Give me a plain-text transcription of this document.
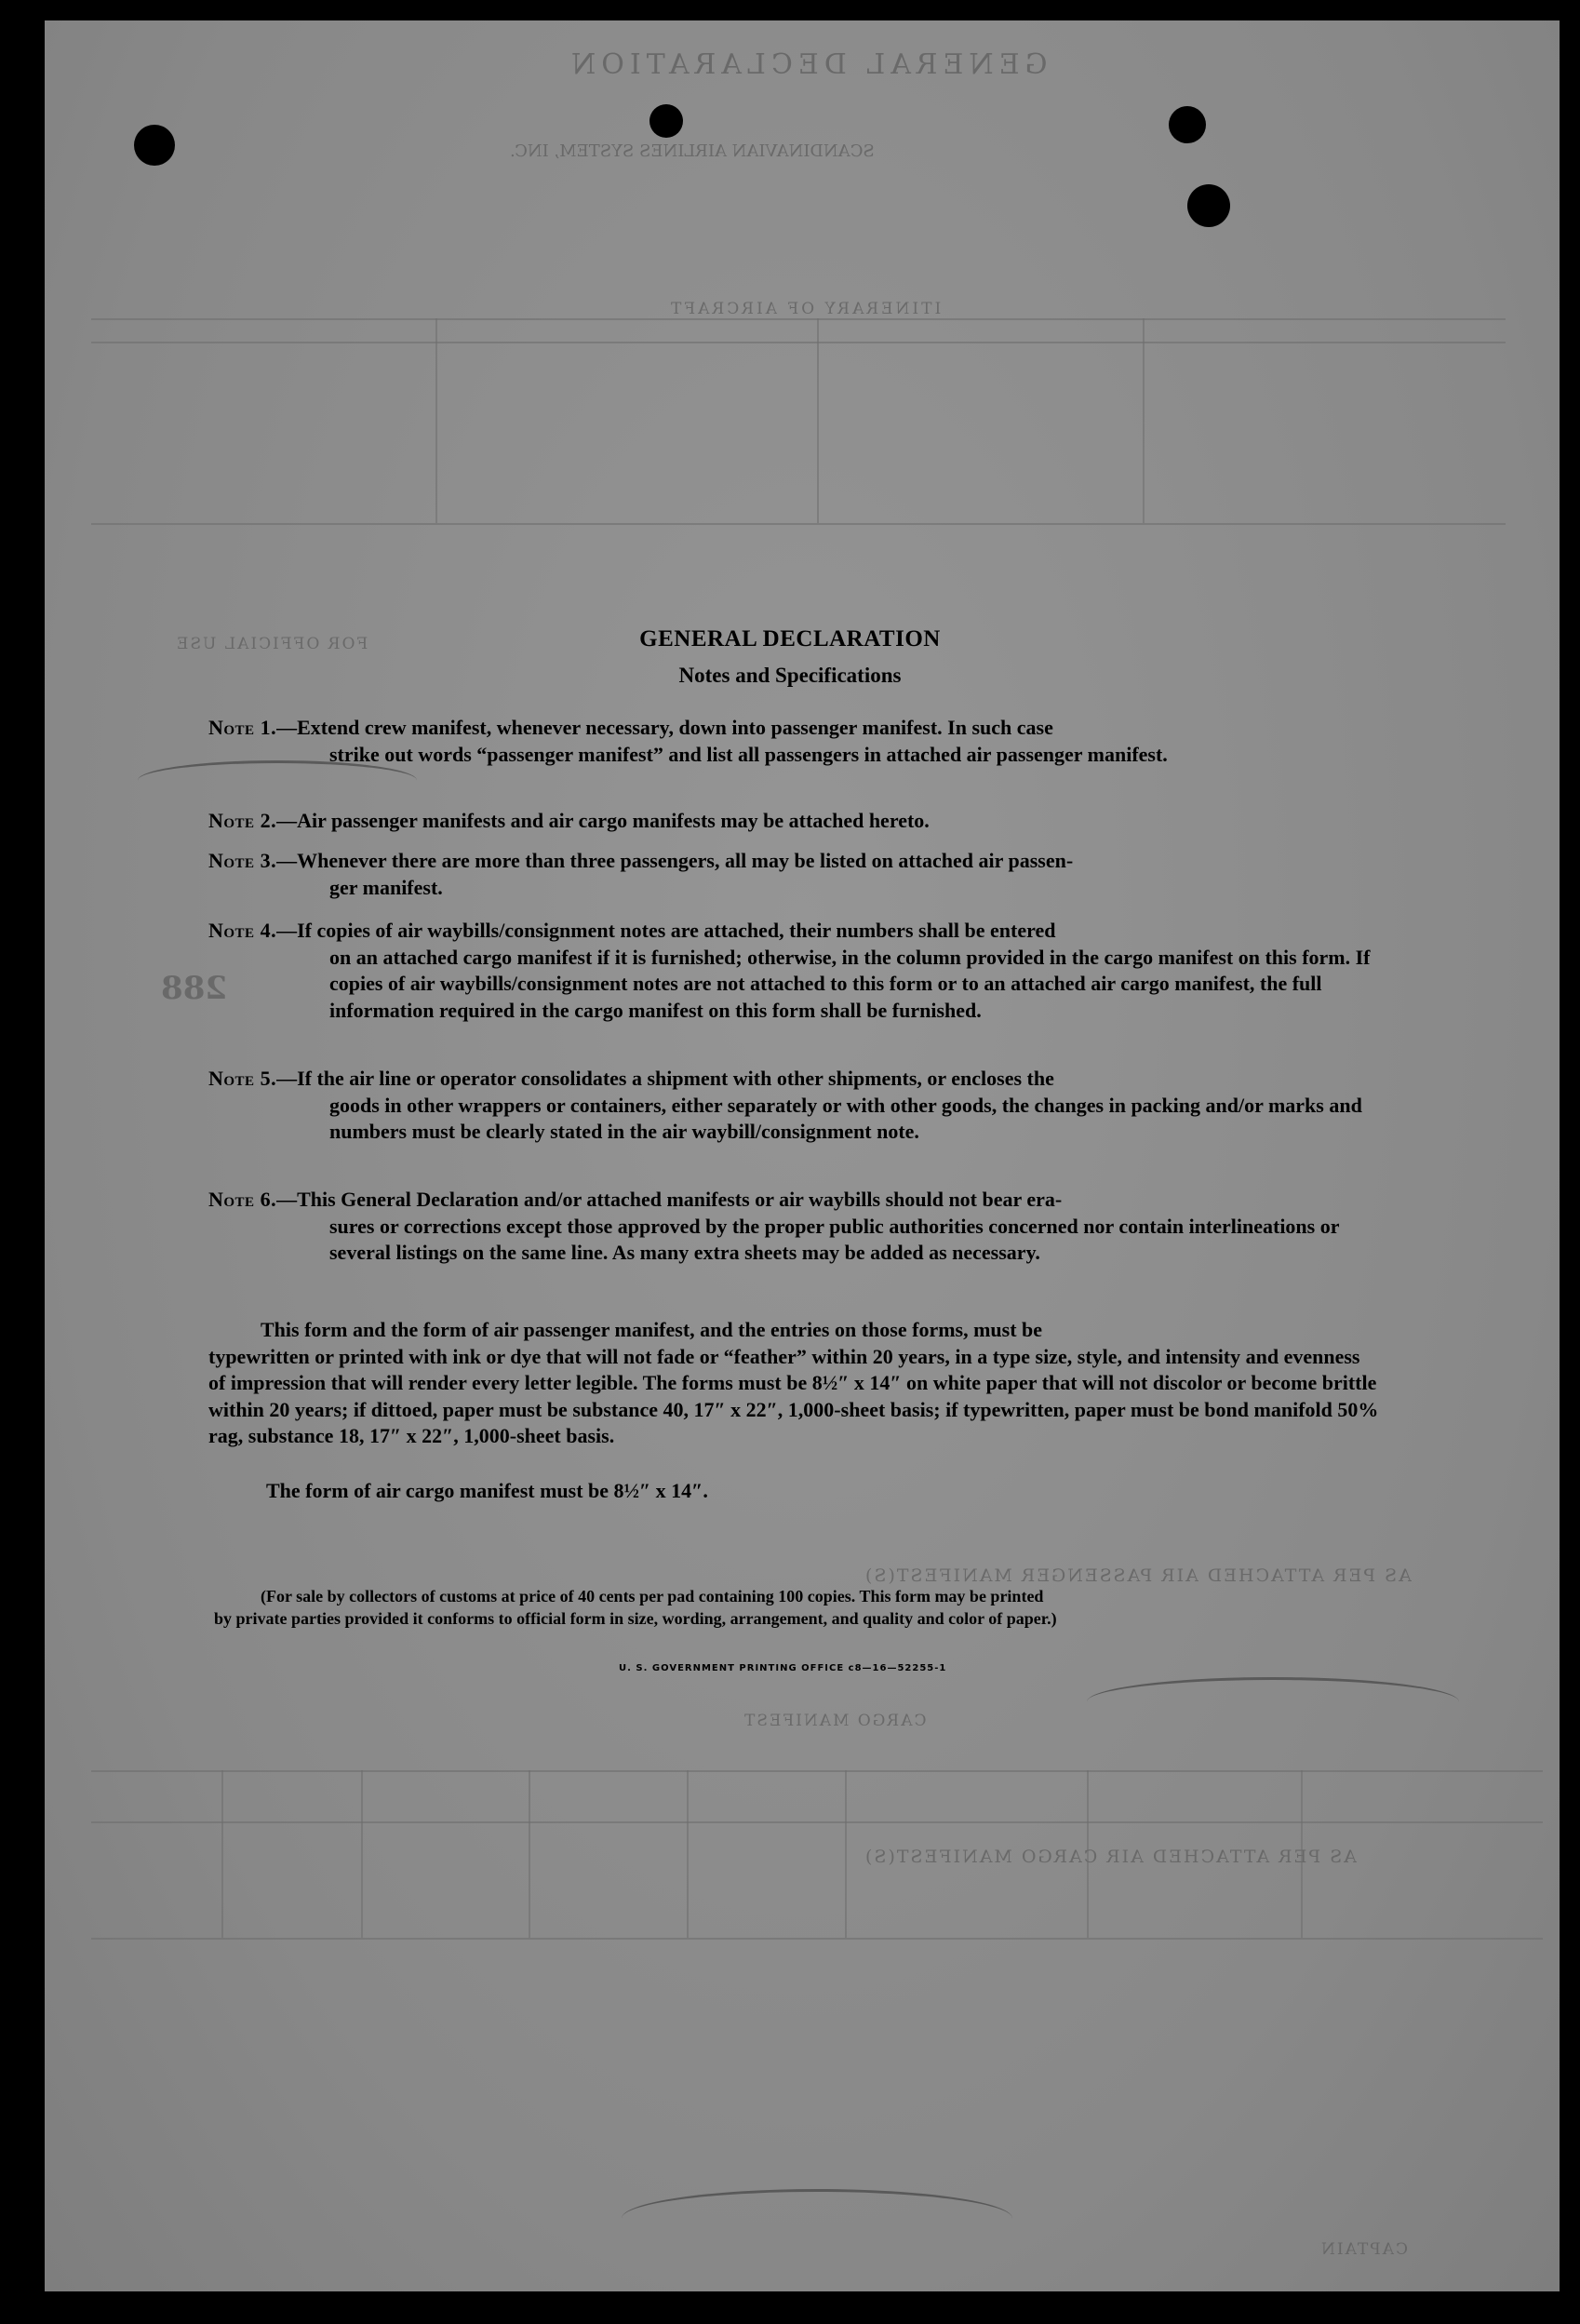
GENERAL DECLARATION
SCANDINAVIAN AIRLINES SYSTEM, INC.
ITINERARY OF AIRCRAFT
FOR OFFICIAL USE
AS PER ATTACHED AIR PASSENGER MANIFEST(S)
CARGO MANIFEST
AS PER ATTACHED AIR CARGO MANIFEST(S)
CAPTAIN
288
GENERAL DECLARATION
Notes and Specifications
Note 1.—Extend crew manifest, whenever necessary, down into passenger manifest. In such case
strike out words “passenger manifest” and list all passengers in attached air passenger manifest.
Note 2.—Air passenger manifests and air cargo manifests may be attached hereto.
Note 3.—Whenever there are more than three passengers, all may be listed on attached air passen-
ger manifest.
Note 4.—If copies of air waybills/consignment notes are attached, their numbers shall be entered
on an attached cargo manifest if it is furnished; otherwise, in the column provided in the cargo manifest on this form. If copies of air waybills/consignment notes are not attached to this form or to an attached air cargo manifest, the full information required in the cargo manifest on this form shall be furnished.
Note 5.—If the air line or operator consolidates a shipment with other shipments, or encloses the
goods in other wrappers or containers, either separately or with other goods, the changes in packing and/or marks and numbers must be clearly stated in the air waybill/consignment note.
Note 6.—This General Declaration and/or attached manifests or air waybills should not bear era-
sures or corrections except those approved by the proper public authorities concerned nor contain interlineations or several listings on the same line. As many extra sheets may be added as necessary.
This form and the form of air passenger manifest, and the entries on those forms, must be
typewritten or printed with ink or dye that will not fade or “feather” within 20 years, in a type size, style, and intensity and evenness of impression that will render every letter legible. The forms must be 8½″ x 14″ on white paper that will not discolor or become brittle within 20 years; if dittoed, paper must be substance 40, 17″ x 22″, 1,000-sheet basis; if typewritten, paper must be bond manifold 50% rag, substance 18, 17″ x 22″, 1,000-sheet basis.
The form of air cargo manifest must be 8½″ x 14″.
(For sale by collectors of customs at price of 40 cents per pad containing 100 copies. This form may be printed
by private parties provided it conforms to official form in size, wording, arrangement, and quality and color of paper.)
U. S. GOVERNMENT PRINTING OFFICE c8—16—52255-1
